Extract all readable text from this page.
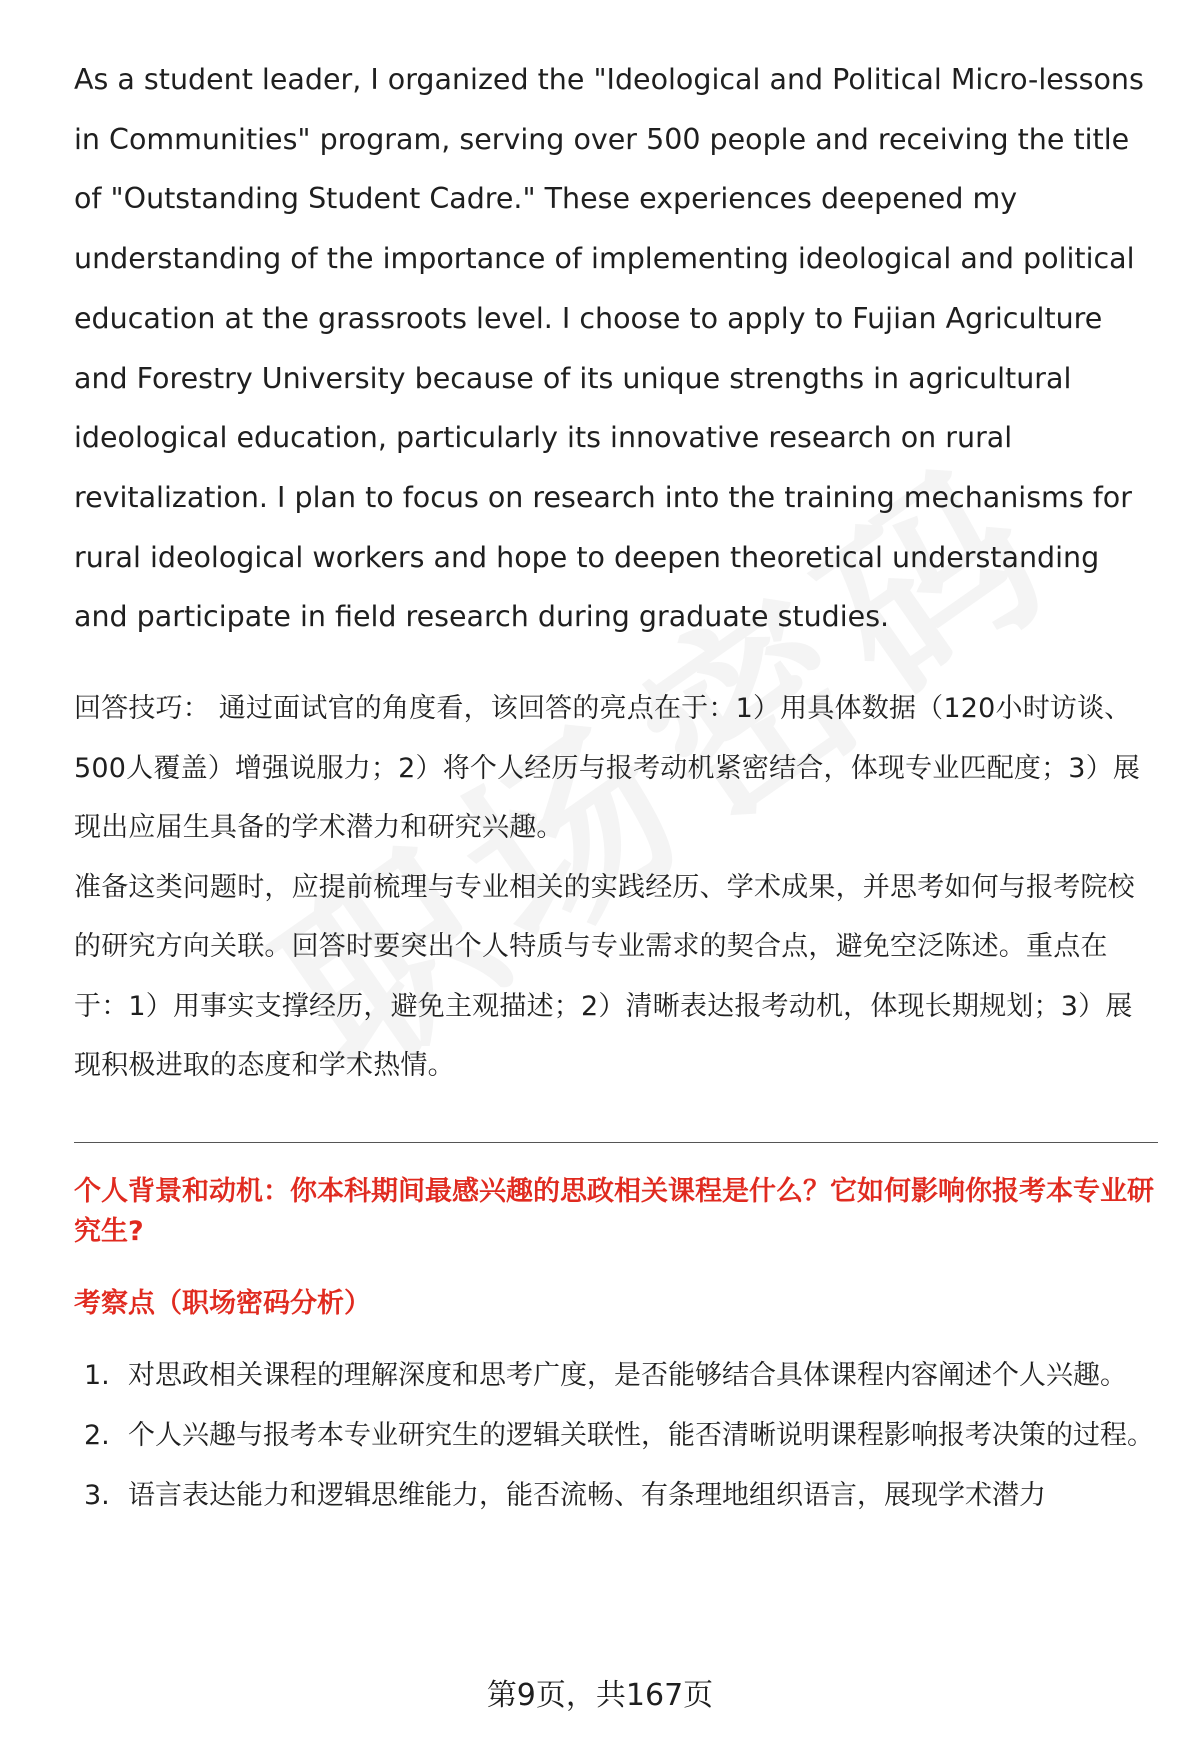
As a student leader, I organized the "Ideological and Political Micro-lessons in Communities" program, serving over 500 people and receiving the title of "Outstanding Student Cadre." These experiences deepened my understanding of the importance of implementing ideological and political education at the grassroots level. I choose to apply to Fujian Agriculture and Forestry University because of its unique strengths in agricultural ideological education, particularly its innovative research on rural revitalization. I plan to focus on research into the training mechanisms for rural ideological workers and hope to deepen theoretical understanding and participate in field research during graduate studies.

回答技巧： 通过面试官的角度看，该回答的亮点在于：1）用具体数据（120小时访谈、500人覆盖）增强说服力；2）将个人经历与报考动机紧密结合，体现专业匹配度；3）展现出应届生具备的学术潜力和研究兴趣。

准备这类问题时，应提前梳理与专业相关的实践经历、学术成果，并思考如何与报考院校的研究方向关联。回答时要突出个人特质与专业需求的契合点，避免空泛陈述。重点在于：1）用事实支撑经历，避免主观描述；2）清晰表达报考动机，体现长期规划；3）展现积极进取的态度和学术热情。

个人背景和动机：你本科期间最感兴趣的思政相关课程是什么？它如何影响你报考本专业研究生?

考察点（职场密码分析）

1. 对思政相关课程的理解深度和思考广度，是否能够结合具体课程内容阐述个人兴趣。
2. 个人兴趣与报考本专业研究生的逻辑关联性，能否清晰说明课程影响报考决策的过程。
3. 语言表达能力和逻辑思维能力，能否流畅、有条理地组织语言，展现学术潜力
第9页，共167页
